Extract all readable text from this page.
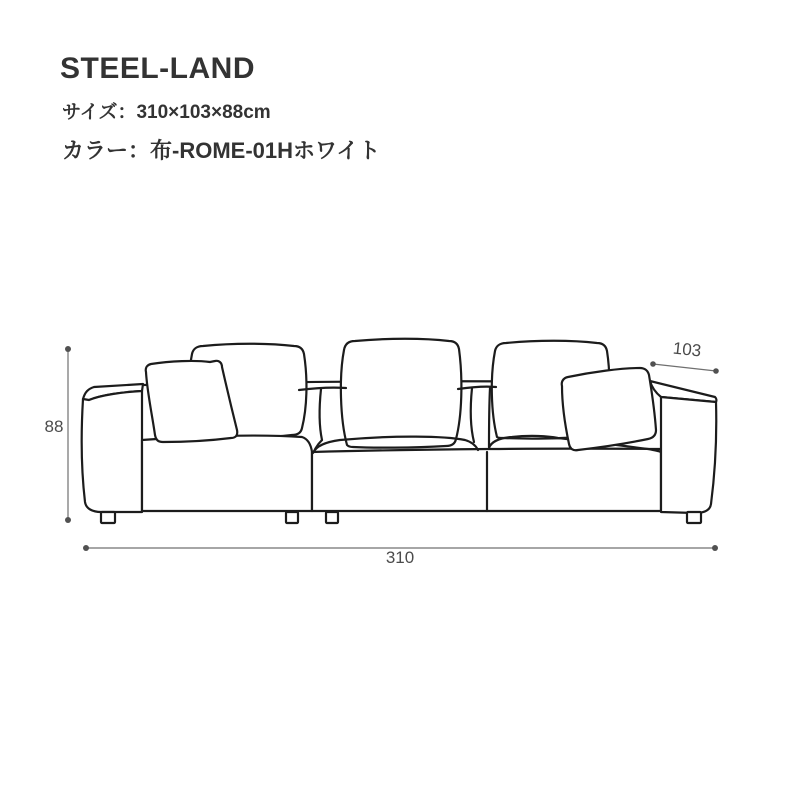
STEEL-LAND
サイズ：310×103×88cm
カラー：布-ROME-01Hホワイト
88
310
103
